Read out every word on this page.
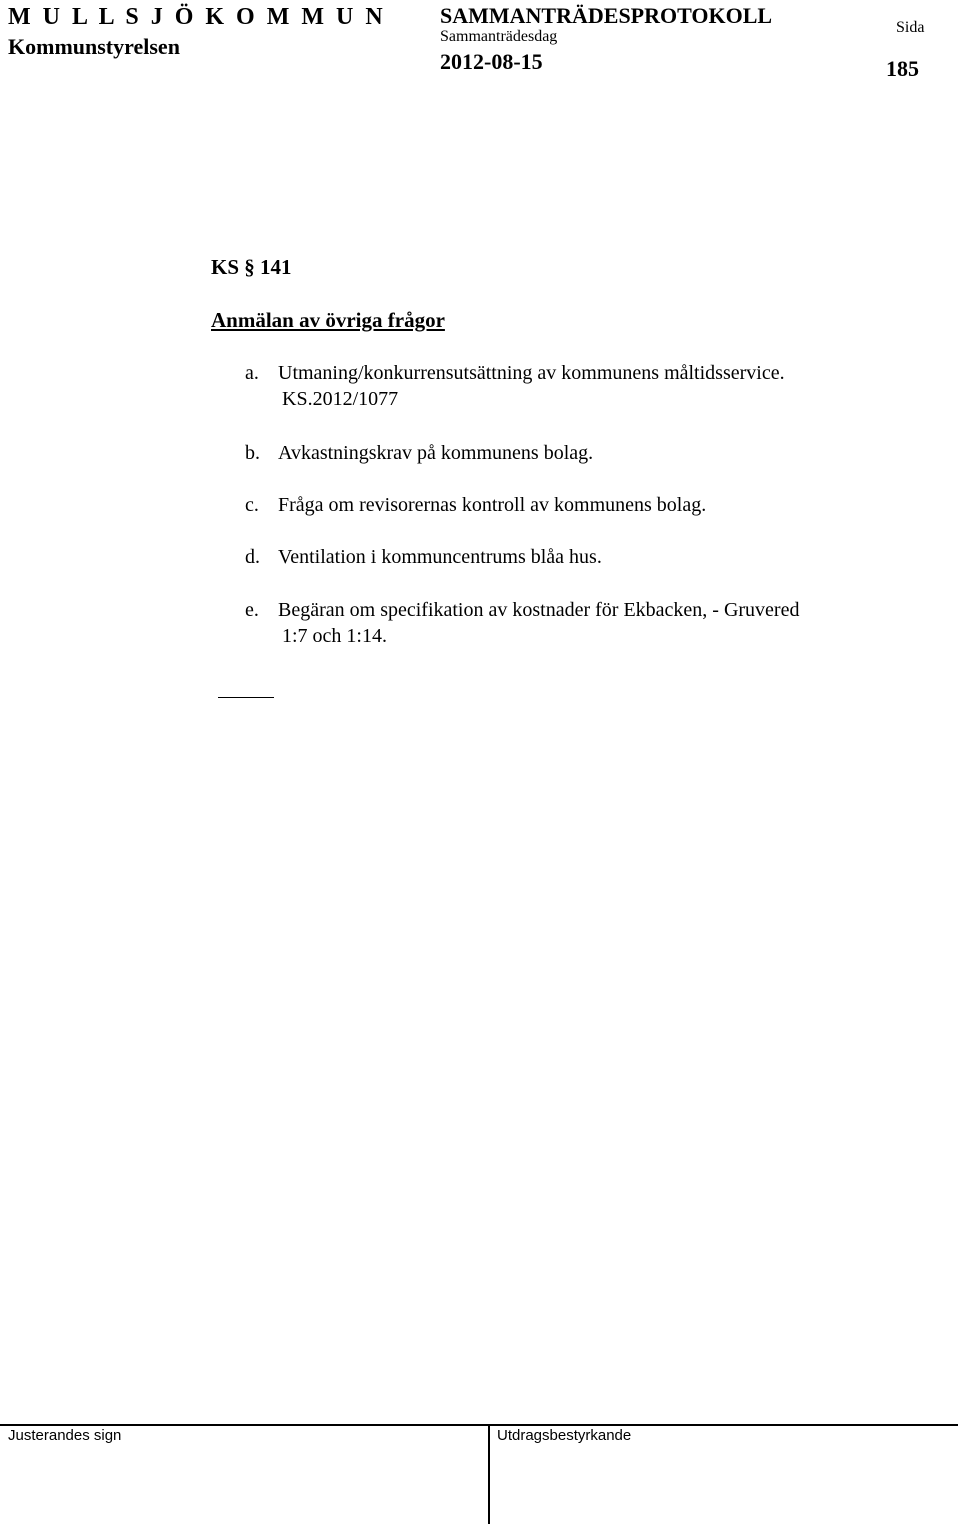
M U L L S J Ö K O M M U N
Kommunstyrelsen
SAMMANTRÄDESPROTOKOLL
Sammanträdesdag
2012-08-15
Sida
185
KS § 141
Anmälan av övriga frågor
a. Utmaning/konkurrensutsättning av kommunens måltidsservice.
KS.2012/1077
b. Avkastningskrav på kommunens bolag.
c. Fråga om revisorernas kontroll av kommunens bolag.
d. Ventilation i kommuncentrums blåa hus.
e. Begäran om specifikation av kostnader för Ekbacken, - Gruvered
1:7 och 1:14.
Justerandes sign	Utdragsbestyrkande
